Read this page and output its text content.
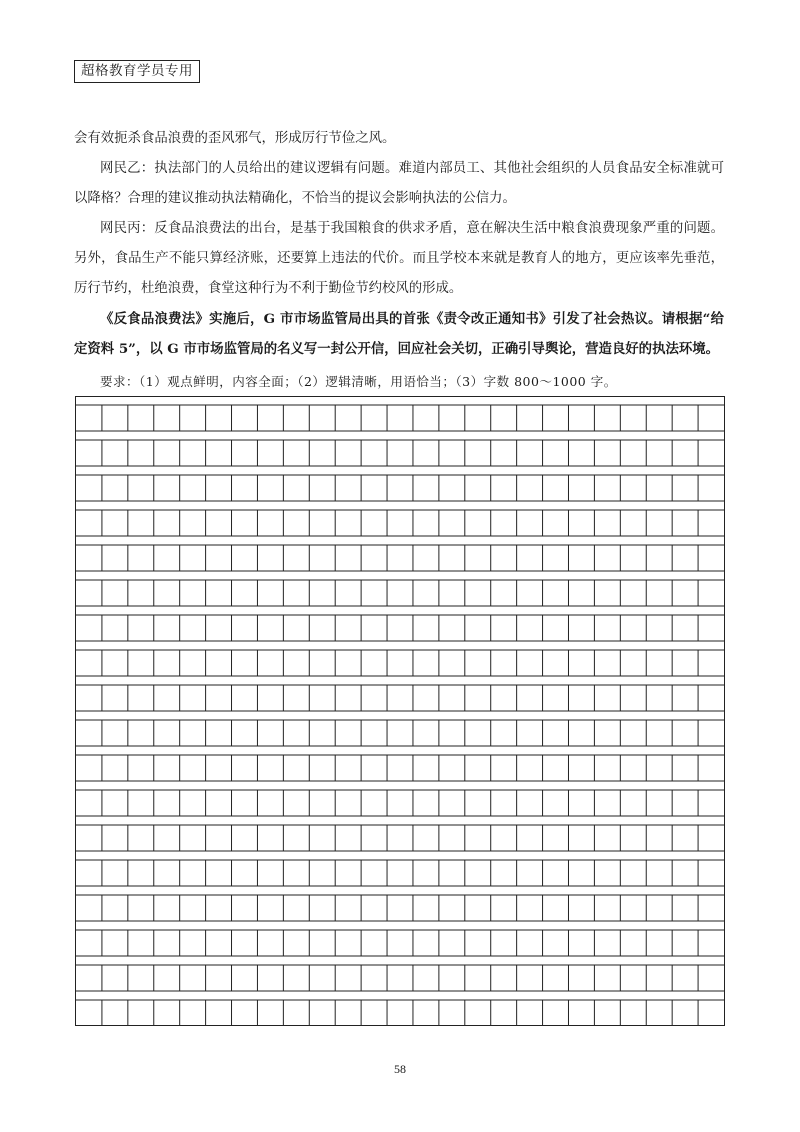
超格教育学员专用

会有效扼杀食品浪费的歪风邪气，形成厉行节俭之风。

网民乙：执法部门的人员给出的建议逻辑有问题。难道内部员工、其他社会组织的人员食品安全标准就可以降格？合理的建议推动执法精确化，不恰当的提议会影响执法的公信力。

网民丙：反食品浪费法的出台，是基于我国粮食的供求矛盾，意在解决生活中粮食浪费现象严重的问题。另外，食品生产不能只算经济账，还要算上违法的代价。而且学校本来就是教育人的地方，更应该率先垂范，厉行节约，杜绝浪费，食堂这种行为不利于勤俭节约校风的形成。

《反食品浪费法》实施后，G 市市场监管局出具的首张《责令改正通知书》引发了社会热议。请根据“给定资料 5”，以 G 市市场监管局的名义写一封公开信，回应社会关切，正确引导舆论，营造良好的执法环境。

要求：（1）观点鲜明，内容全面；（2）逻辑清晰，用语恰当；（3）字数 800～1000 字。
58
